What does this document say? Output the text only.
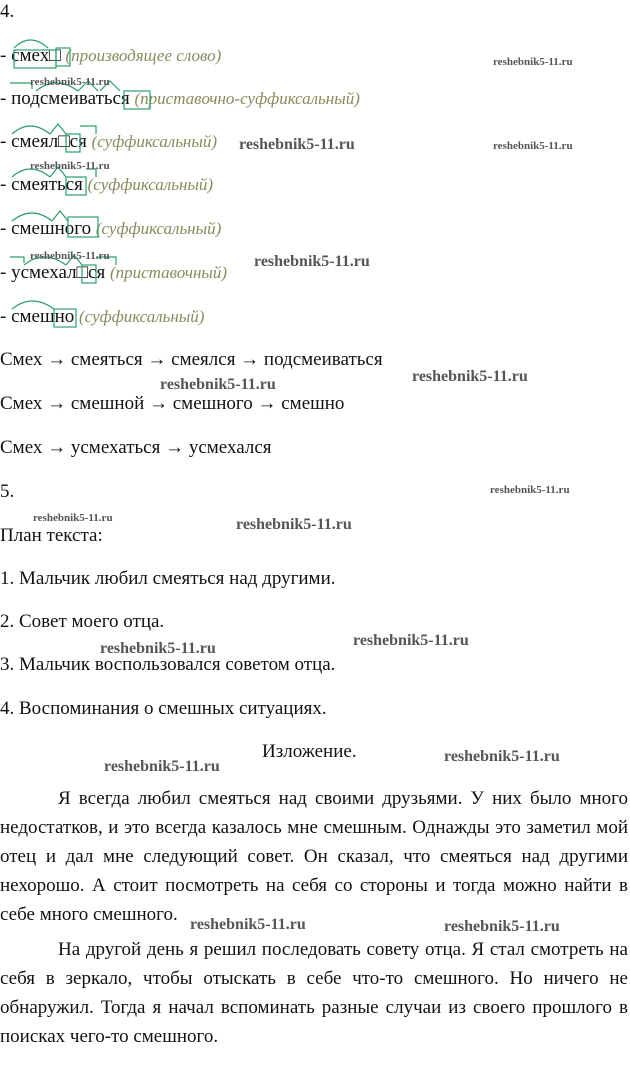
4.
- смех□ (производящее слово)
- подсмеиваться (приставочно-суффиксальный)
- смеял□ся (суффиксальный)
- смеяться (суффиксальный)
- смешного (суффиксальный)
- усмехал□ся (приставочный)
- смешно (суффиксальный)
Смех → смеяться → смеялся → подсмеиваться
Смех → смешной → смешного → смешно
Смех → усмехаться → усмехался
5.
План текста:
1. Мальчик любил смеяться над другими.
2. Совет моего отца.
3. Мальчик воспользовался советом отца.
4. Воспоминания о смешных ситуациях.
Изложение.
Я всегда любил смеяться над своими друзьями. У них было много недостатков, и это всегда казалось мне смешным. Однажды это заметил мой отец и дал мне следующий совет. Он сказал, что смеяться над другими нехорошо. А стоит посмотреть на себя со стороны и тогда можно найти в себе много смешного.
На другой день я решил последовать совету отца. Я стал смотреть на себя в зеркало, чтобы отыскать в себе что-то смешного. Но ничего не обнаружил. Тогда я начал вспоминать разные случаи из своего прошлого в поисках чего-то смешного.
reshebnik5-11.ru
reshebnik5-11.ru
reshebnik5-11.ru	reshebnik5-11.ru
reshebnik5-11.ru
reshebnik5-11.ru	reshebnik5-11.ru
reshebnik5-11.ru
reshebnik5-11.ru
reshebnik5-11.ru
reshebnik5-11.ru	reshebnik5-11.ru
reshebnik5-11.ru
reshebnik5-11.ru
reshebnik5-11.ru
reshebnik5-11.ru
reshebnik5-11.ru	reshebnik5-11.ru
